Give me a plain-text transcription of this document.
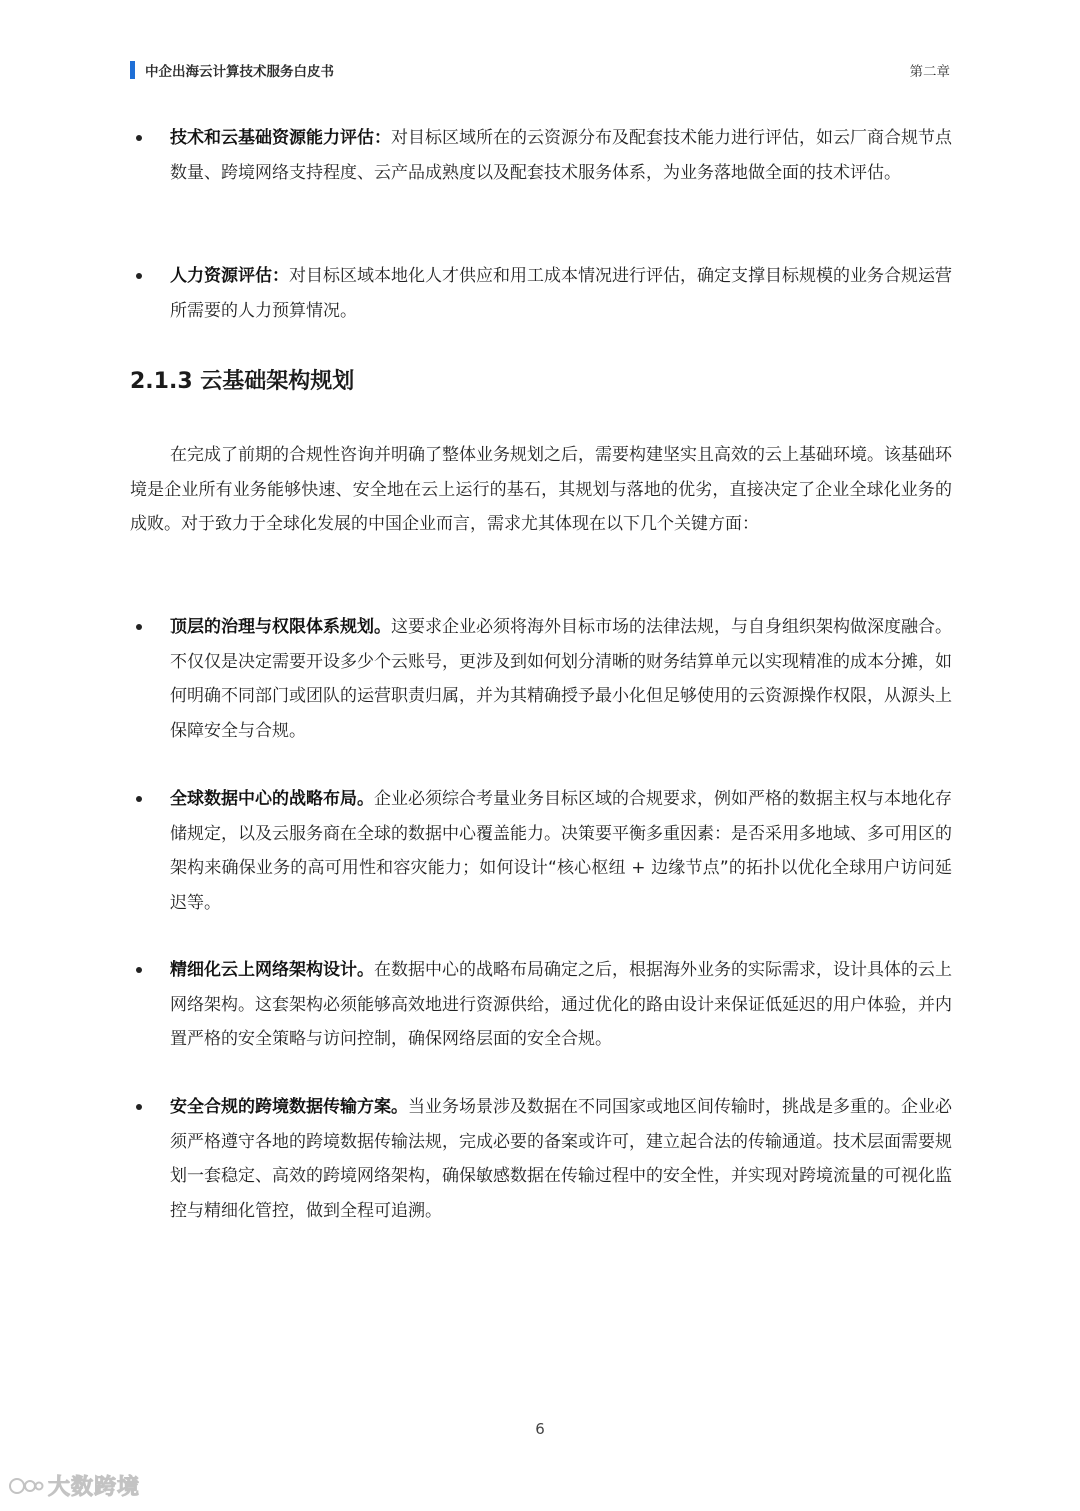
中企出海云计算技术服务白皮书	第二章
技术和云基础资源能力评估：对目标区域所在的云资源分布及配套技术能力进行评估，如云厂商合规节点数量、跨境网络支持程度、云产品成熟度以及配套技术服务体系，为业务落地做全面的技术评估。
人力资源评估：对目标区域本地化人才供应和用工成本情况进行评估，确定支撑目标规模的业务合规运营所需要的人力预算情况。
2.1.3 云基础架构规划
在完成了前期的合规性咨询并明确了整体业务规划之后，需要构建坚实且高效的云上基础环境。该基础环境是企业所有业务能够快速、安全地在云上运行的基石，其规划与落地的优劣，直接决定了企业全球化业务的成败。对于致力于全球化发展的中国企业而言，需求尤其体现在以下几个关键方面：
顶层的治理与权限体系规划。这要求企业必须将海外目标市场的法律法规，与自身组织架构做深度融合。不仅仅是决定需要开设多少个云账号，更涉及到如何划分清晰的财务结算单元以实现精准的成本分摊，如何明确不同部门或团队的运营职责归属，并为其精确授予最小化但足够使用的云资源操作权限，从源头上保障安全与合规。
全球数据中心的战略布局。企业必须综合考量业务目标区域的合规要求，例如严格的数据主权与本地化存储规定，以及云服务商在全球的数据中心覆盖能力。决策要平衡多重因素：是否采用多地域、多可用区的架构来确保业务的高可用性和容灾能力；如何设计“核心枢纽 + 边缘节点”的拓扑以优化全球用户访问延迟等。
精细化云上网络架构设计。在数据中心的战略布局确定之后，根据海外业务的实际需求，设计具体的云上网络架构。这套架构必须能够高效地进行资源供给，通过优化的路由设计来保证低延迟的用户体验，并内置严格的安全策略与访问控制，确保网络层面的安全合规。
安全合规的跨境数据传输方案。当业务场景涉及数据在不同国家或地区间传输时，挑战是多重的。企业必须严格遵守各地的跨境数据传输法规，完成必要的备案或许可，建立起合法的传输通道。技术层面需要规划一套稳定、高效的跨境网络架构，确保敏感数据在传输过程中的安全性，并实现对跨境流量的可视化监控与精细化管控，做到全程可追溯。
6
大数跨境
